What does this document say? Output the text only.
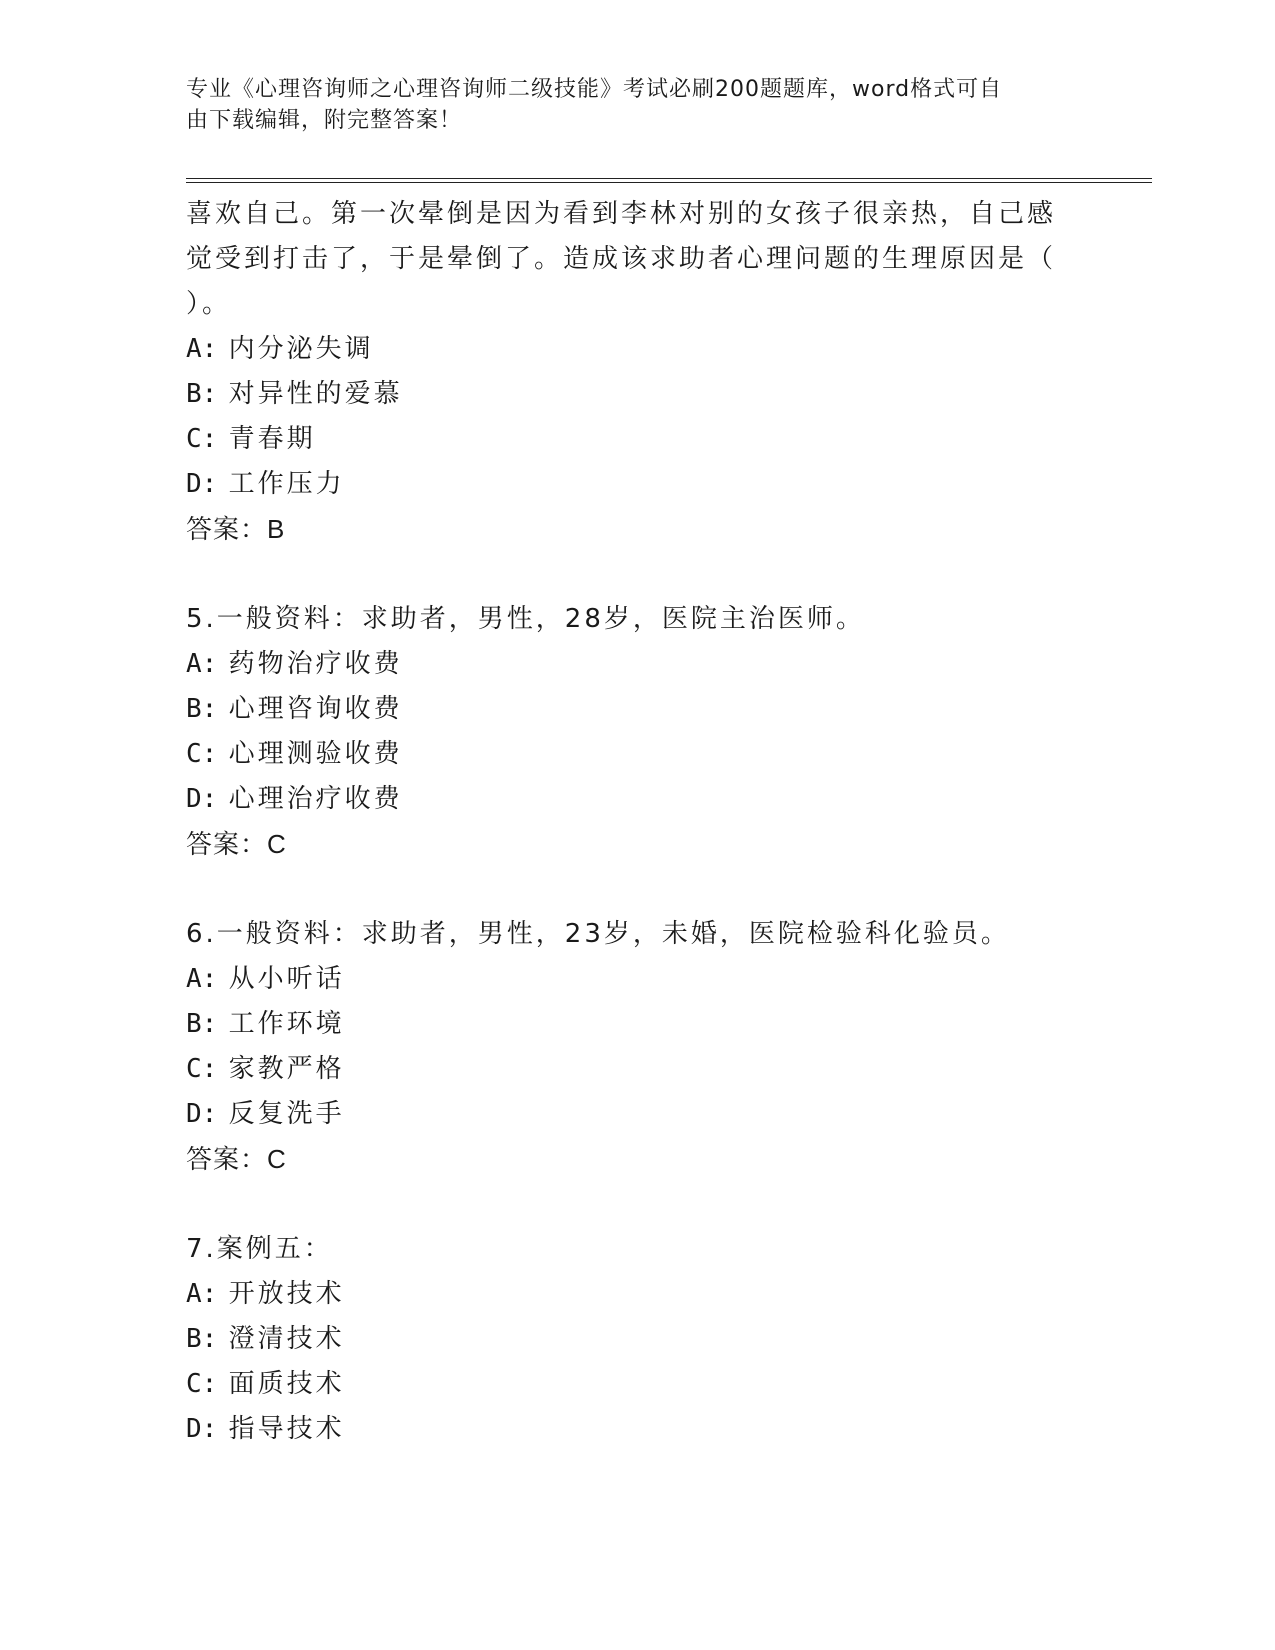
专业《心理咨询师之心理咨询师二级技能》考试必刷200题题库，word格式可自
由下载编辑，附完整答案！
喜欢自己。第一次晕倒是因为看到李林对别的女孩子很亲热，自己感
觉受到打击了，于是晕倒了。造成该求助者心理问题的生理原因是（
）。
A: 内分泌失调
B: 对异性的爱慕
C: 青春期
D: 工作压力
答案：B
5.一般资料：求助者，男性，28岁，医院主治医师。
A: 药物治疗收费
B: 心理咨询收费
C: 心理测验收费
D: 心理治疗收费
答案：C
6.一般资料：求助者，男性，23岁，未婚，医院检验科化验员。
A: 从小听话
B: 工作环境
C: 家教严格
D: 反复洗手
答案：C
7.案例五：
A: 开放技术
B: 澄清技术
C: 面质技术
D: 指导技术
